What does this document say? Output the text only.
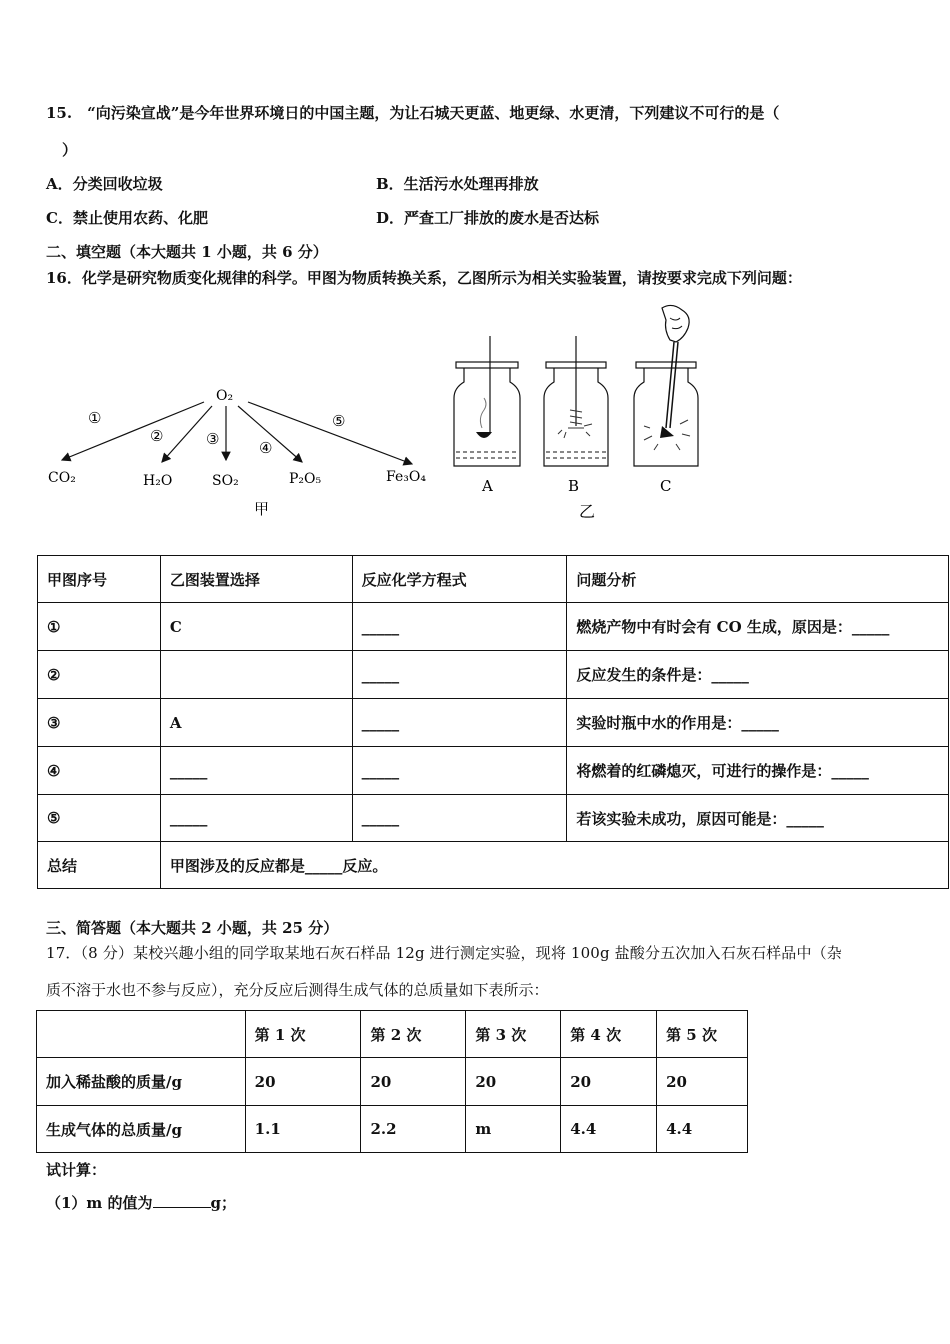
15.　“向污染宣战”是今年世界环境日的中国主题，为让石城天更蓝、地更绿、水更清，下列建议不可行的是（
）
A．分类回收垃圾	B．生活污水处理再排放
C．禁止使用农药、化肥	D．严查工厂排放的废水是否达标
二、填空题（本大题共 1 小题，共 6 分）
16．化学是研究物质变化规律的科学。甲图为物质转换关系，乙图所示为相关实验装置，请按要求完成下列问题：
O₂
①
②	③	④
⑤
CO₂	H₂O	SO₂	P₂O₅	Fe₃O₄
甲
A	B	C
乙
甲图序号	乙图装置选择	反应化学方程式	问题分析
①	C	_____	燃烧产物中有时会有 CO 生成，原因是：_____
②		_____	反应发生的条件是：_____
③	A	_____	实验时瓶中水的作用是：_____
④	_____	_____	将燃着的红磷熄灭，可进行的操作是：_____
⑤	_____	_____	若该实验未成功，原因可能是：_____
总结	甲图涉及的反应都是_____反应。		
三、简答题（本大题共 2 小题，共 25 分）
17．（8 分）某校兴趣小组的同学取某地石灰石样品 12g 进行测定实验，现将 100g 盐酸分五次加入石灰石样品中（杂
质不溶于水也不参与反应），充分反应后测得生成气体的总质量如下表所示：
	第 1 次	第 2 次	第 3 次	第 4 次	第 5 次
加入稀盐酸的质量/g	20	20	20	20	20
生成气体的总质量/g	1.1	2.2	m	4.4	4.4
试计算：
（1）m 的值为	g；
